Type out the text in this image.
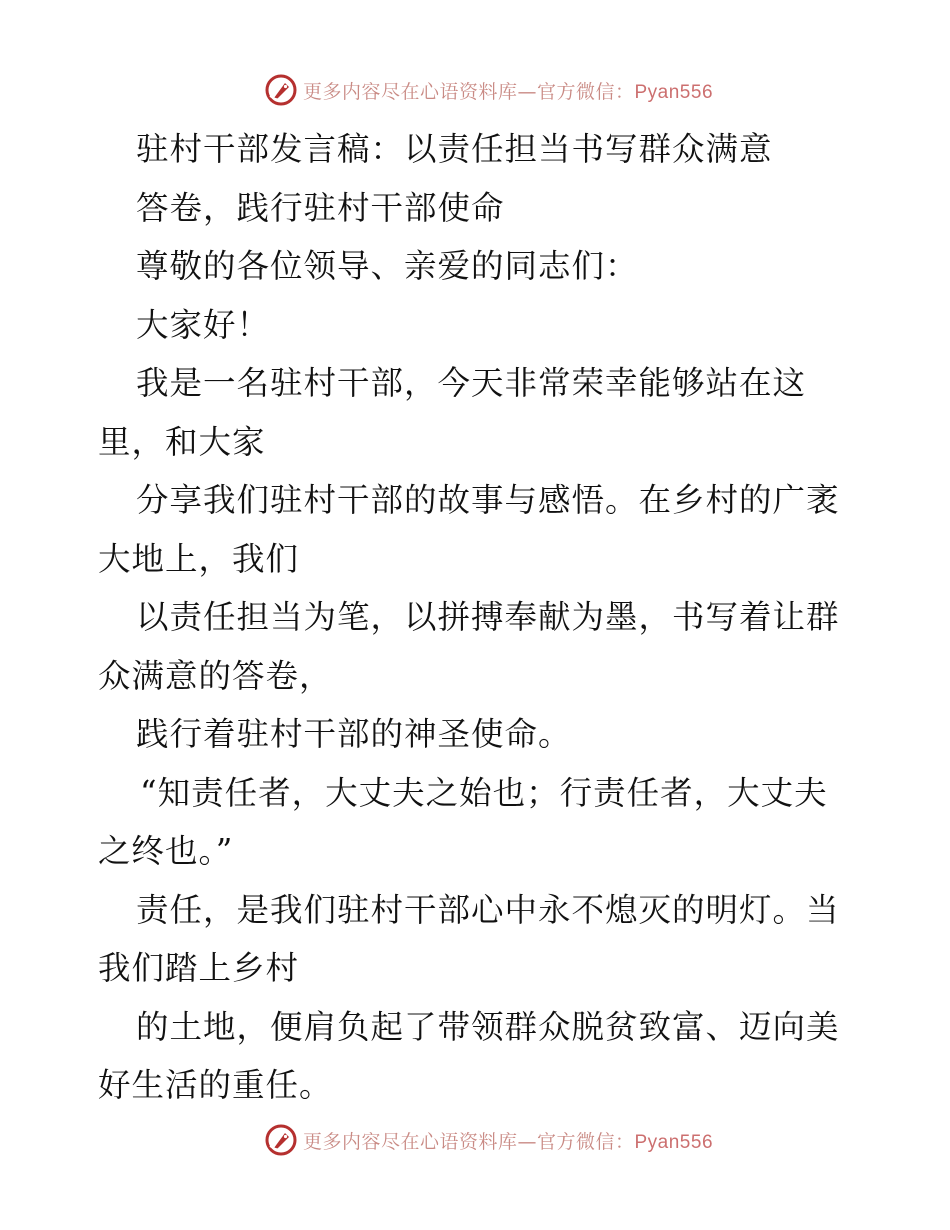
更多内容尽在心语资料库—官方微信：Pyan556
驻村干部发言稿：以责任担当书写群众满意
答卷，践行驻村干部使命
尊敬的各位领导、亲爱的同志们：
大家好！
我是一名驻村干部，今天非常荣幸能够站在这
里，和大家
分享我们驻村干部的故事与感悟。在乡村的广袤
大地上，我们
以责任担当为笔，以拼搏奉献为墨，书写着让群
众满意的答卷，
践行着驻村干部的神圣使命。
“知责任者，大丈夫之始也；行责任者，大丈夫
之终也。”
责任，是我们驻村干部心中永不熄灭的明灯。当
我们踏上乡村
的土地，便肩负起了带领群众脱贫致富、迈向美
好生活的重任。
更多内容尽在心语资料库—官方微信：Pyan556
